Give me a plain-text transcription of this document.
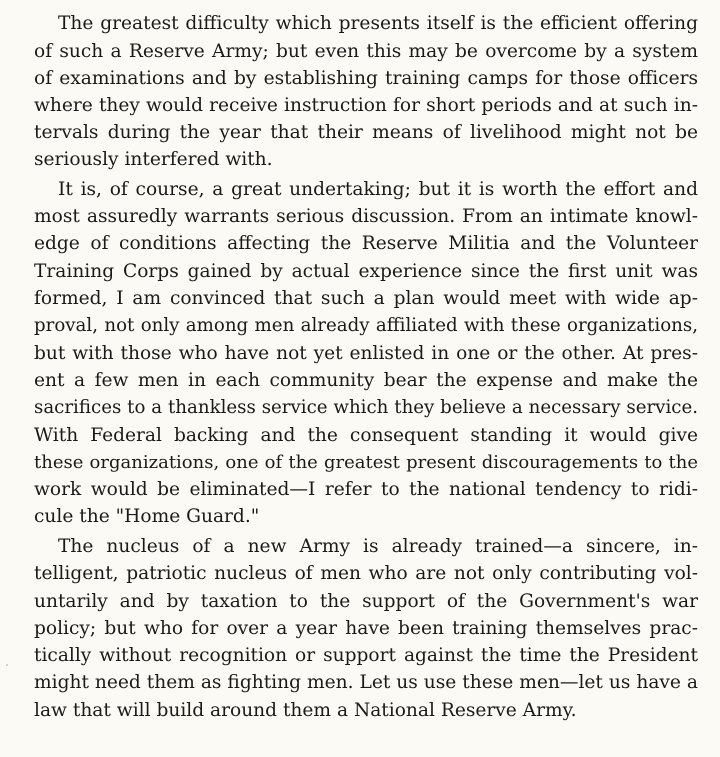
The greatest difficulty which presents itself is the efficient offering
of such a Reserve Army; but even this may be overcome by a system
of examinations and by establishing training camps for those officers
where they would receive instruction for short periods and at such in-
tervals during the year that their means of livelihood might not be
seriously interfered with.
It is, of course, a great undertaking; but it is worth the effort and
most assuredly warrants serious discussion. From an intimate knowl-
edge of conditions affecting the Reserve Militia and the Volunteer
Training Corps gained by actual experience since the first unit was
formed, I am convinced that such a plan would meet with wide ap-
proval, not only among men already affiliated with these organizations,
but with those who have not yet enlisted in one or the other. At pres-
ent a few men in each community bear the expense and make the
sacrifices to a thankless service which they believe a necessary service.
With Federal backing and the consequent standing it would give
these organizations, one of the greatest present discouragements to the
work would be eliminated—I refer to the national tendency to ridi-
cule the "Home Guard."
The nucleus of a new Army is already trained—a sincere, in-
telligent, patriotic nucleus of men who are not only contributing vol-
untarily and by taxation to the support of the Government's war
policy; but who for over a year have been training themselves prac-
tically without recognition or support against the time the President
might need them as fighting men. Let us use these men—let us have a
law that will build around them a National Reserve Army.
